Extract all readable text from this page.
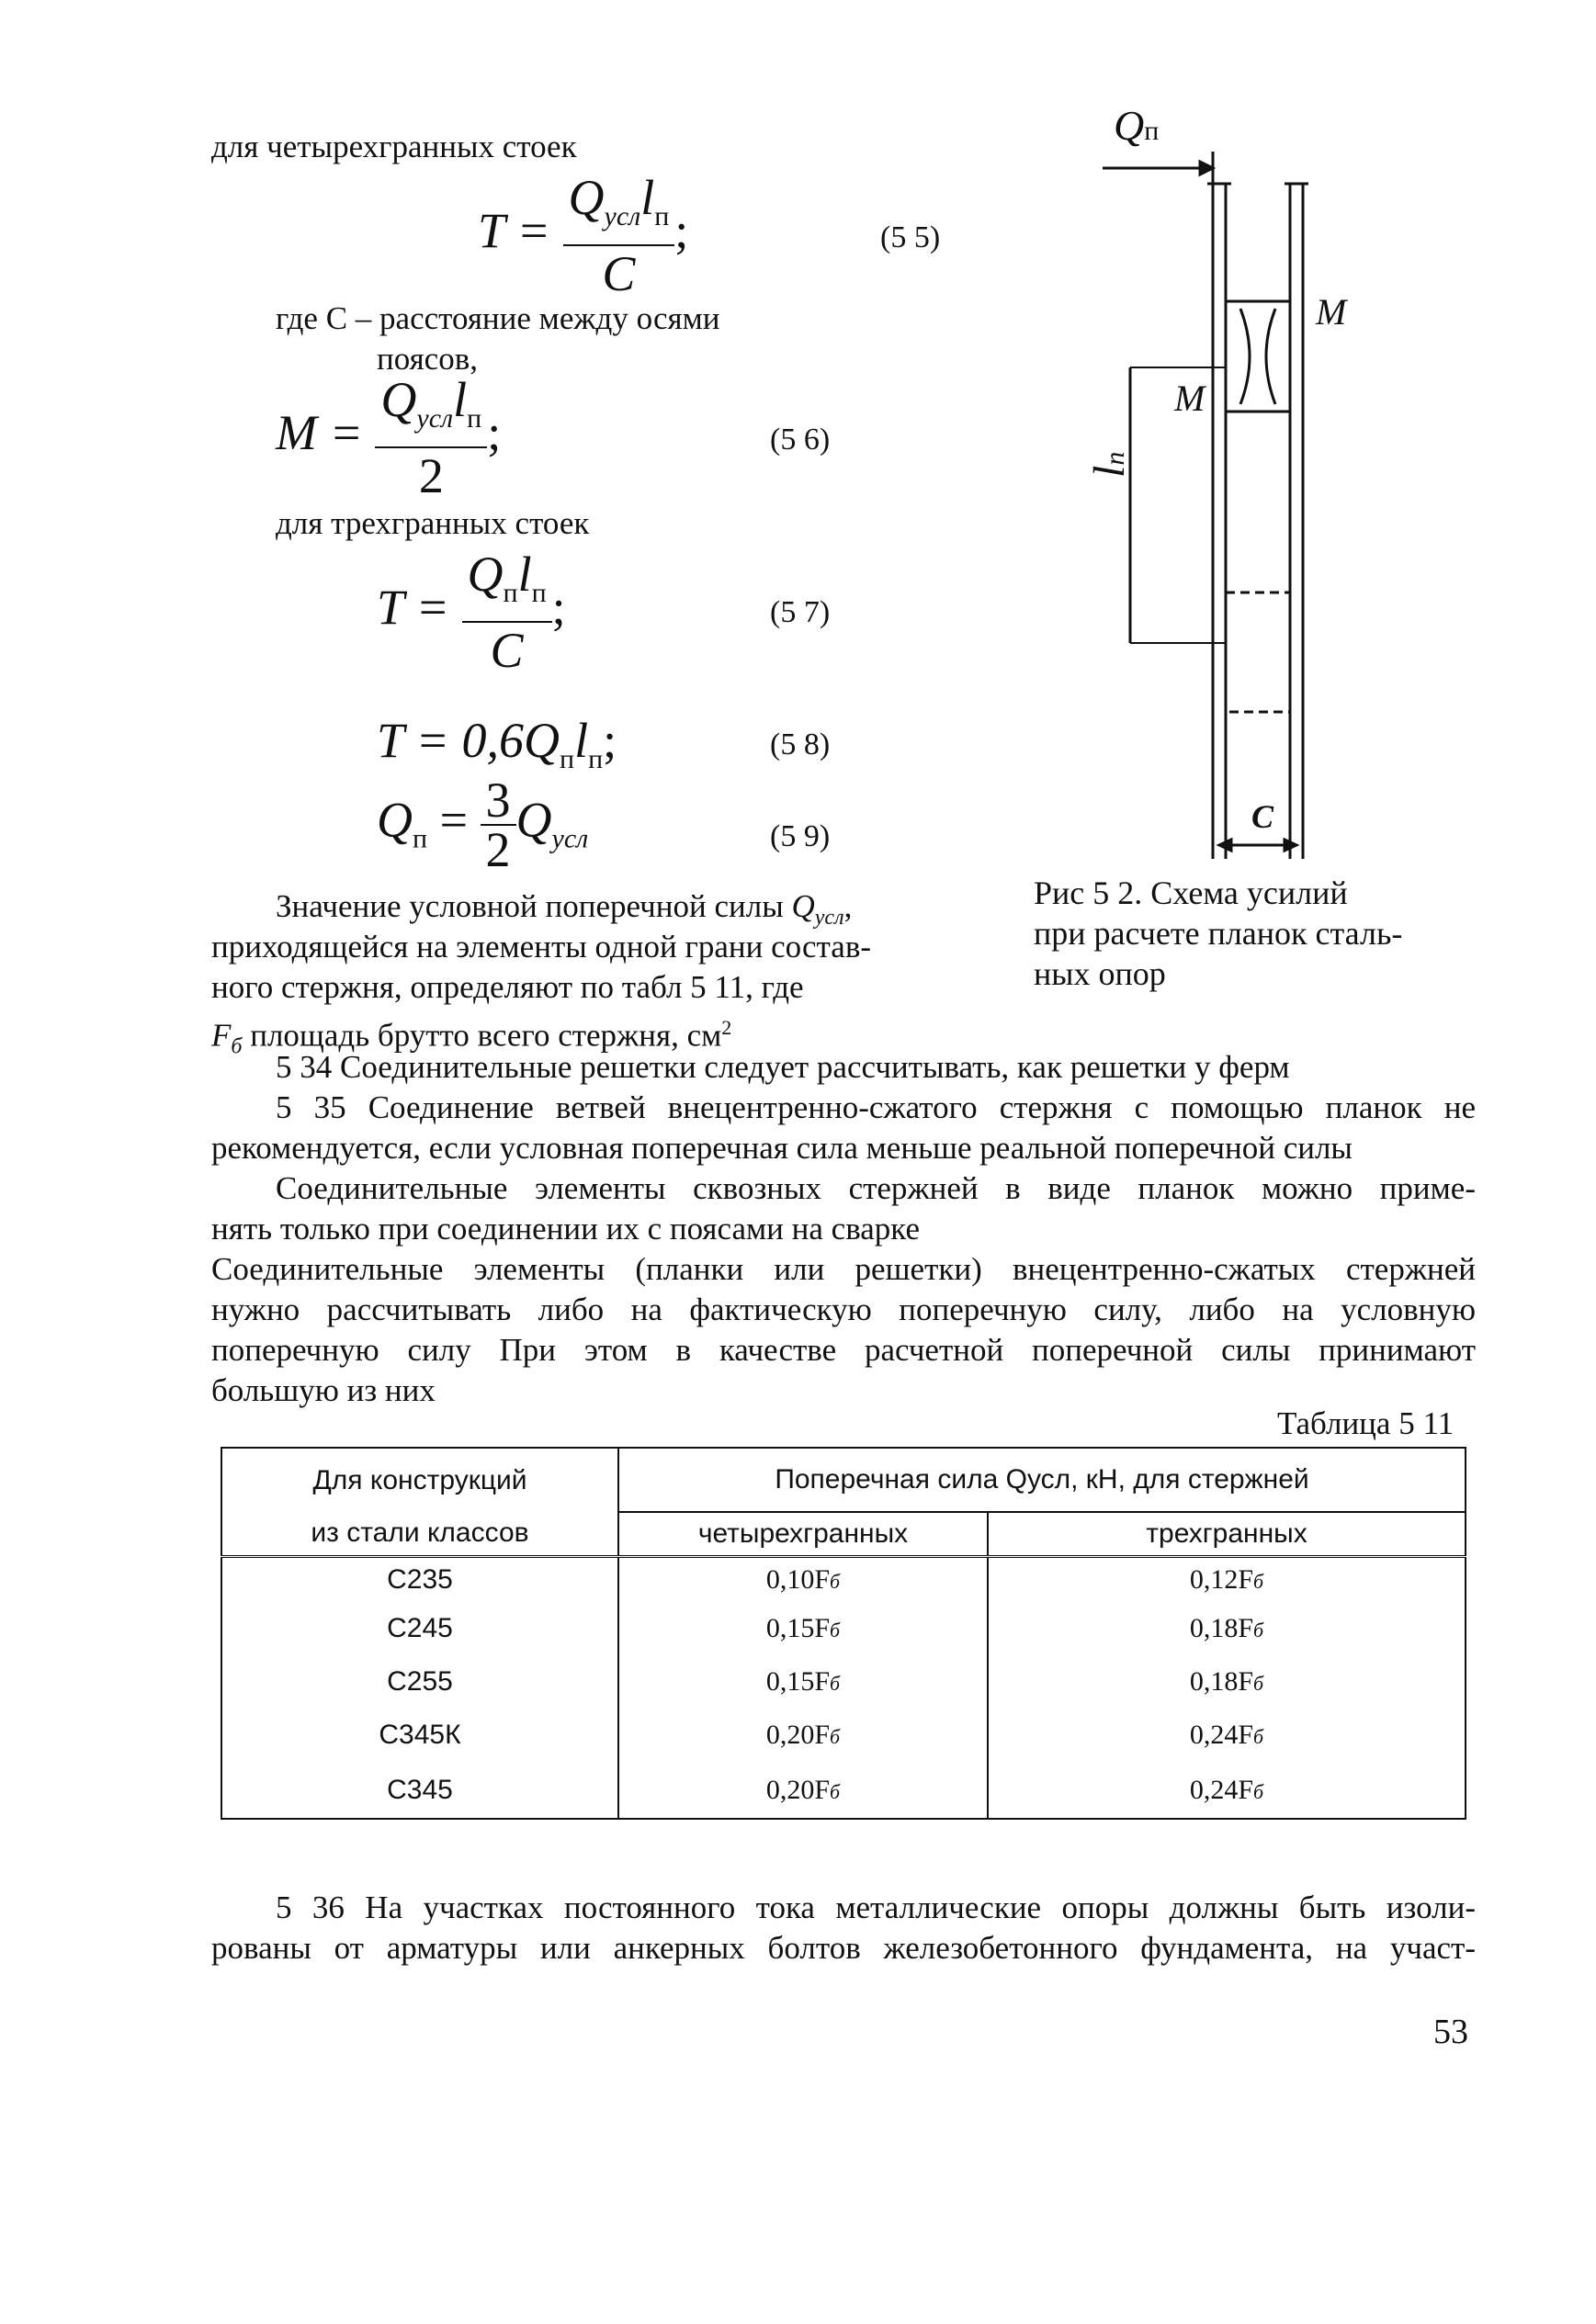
для четырехгранных стоек
$T = \frac{Q_{усл}l_п}{C}$ ;	(5 5)
где C – расстояние между осями
поясов,
$M = \frac{Q_{усл}l_п}{2}$ ;	(5 6)
для трехгранных стоек
$T = \frac{Q_пl_п}{C}$ ;	(5 7)
$T = 0,6Q_пl_п$;	(5 8)
$Q_п = \frac{3}{2} Q_{усл}$	(5 9)
Значение условной поперечной силы $Q_{усл}$,
приходящейся на элементы одной грани состав-
ного стержня, определяют по табл 5 11, где
$F_б$ площадь брутто всего стержня, $см^2$
Qп
M
M
lп
C
Рис 5 2. Схема усилий
при расчете планок сталь-
ных опор
5 34 Соединительные решетки следует рассчитывать, как решетки у ферм
5 35 Соединение ветвей внецентренно-сжатого стержня с помощью планок не
рекомендуется, если условная поперечная сила меньше реальной поперечной силы
Соединительные элементы сквозных стержней в виде планок можно приме-
нять только при соединении их с поясами на сварке
Соединительные элементы (планки или решетки) внецентренно-сжатых стержней
нужно рассчитывать либо на фактическую поперечную силу, либо на условную
поперечную силу При этом в качестве расчетной поперечной силы принимают
большую из них
Таблица 5 11
Для конструкций	Поперечная сила Qусл, кН, для стержней	
из стали классов	четырехгранных	трехгранных
С235	0,10Fб	0,12Fб
С245	0,15Fб	0,18Fб
С255	0,15Fб	0,18Fб
С345К	0,20Fб	0,24Fб
С345	0,20Fб	0,24Fб
5 36 На участках постоянного тока металлические опоры должны быть изоли-
рованы от арматуры или анкерных болтов железобетонного фундамента, на участ-
53
